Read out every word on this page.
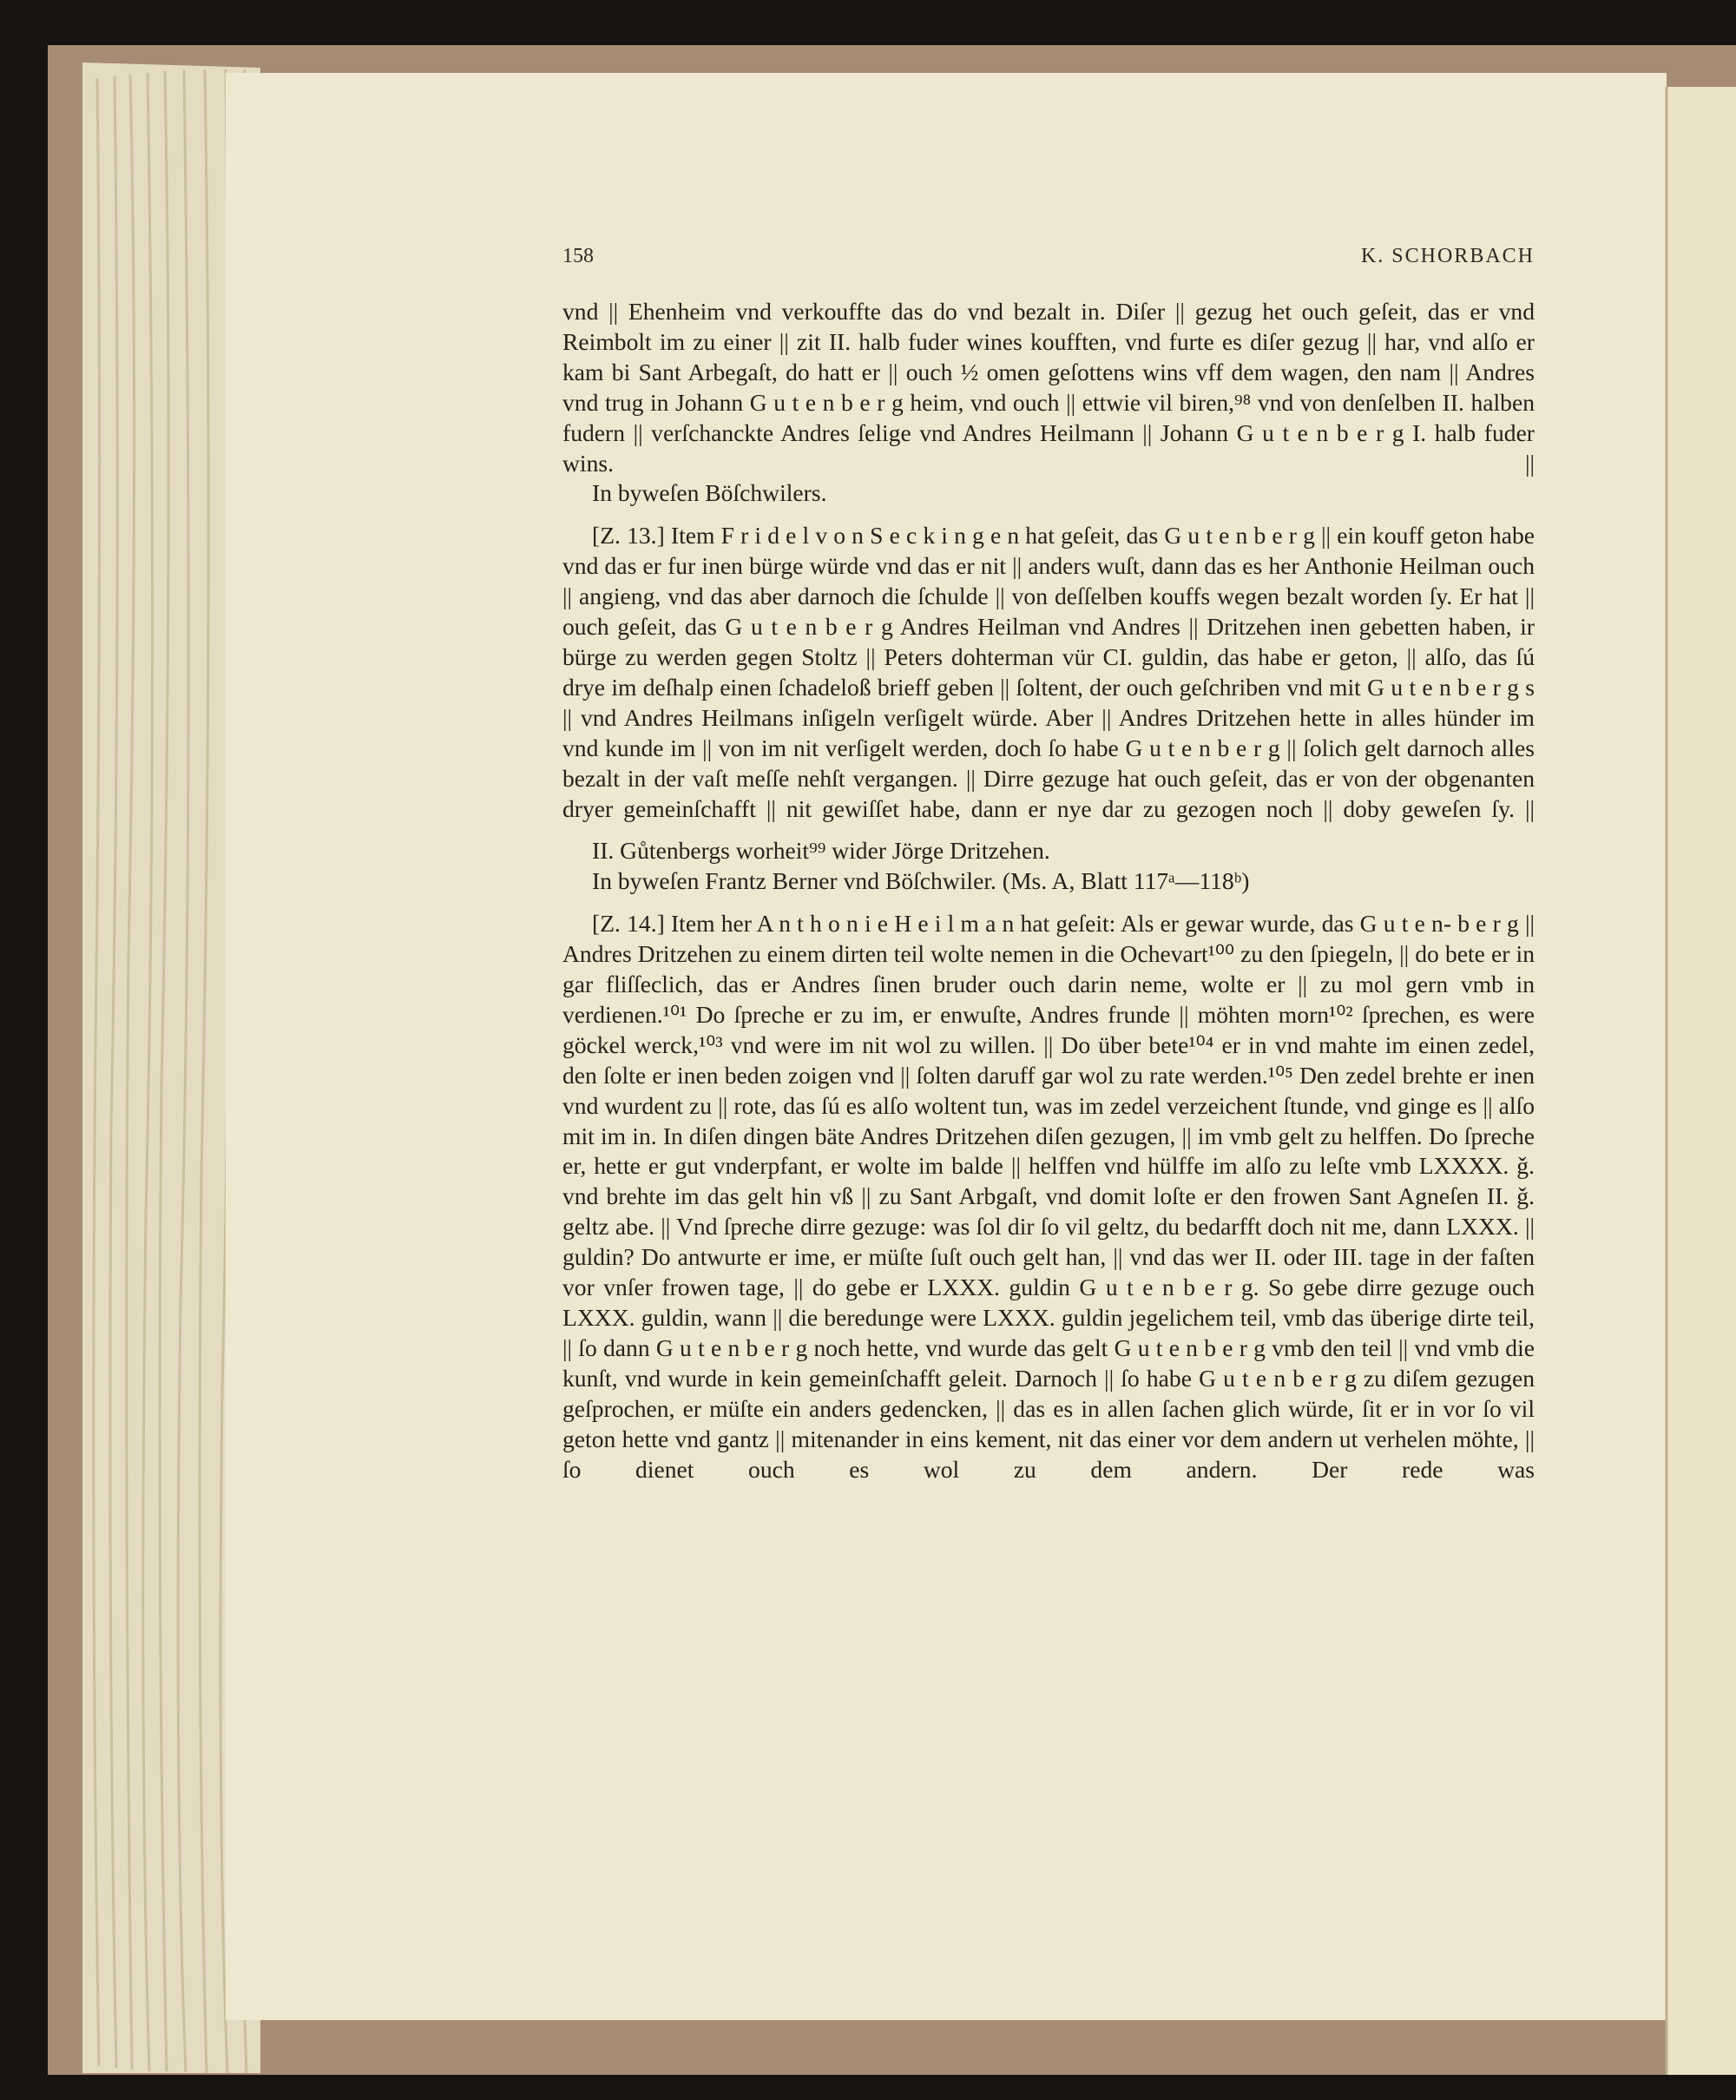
158	K. SCHORBACH

vnd || Ehenheim vnd verkouffte das do vnd bezalt in. Diſer || gezug het ouch geſeit, das er vnd Reimbolt im zu einer || zit II. halb fuder wines koufften, vnd furte es diſer gezug || har, vnd alſo er kam bi Sant Arbegaſt, do hatt er || ouch ½ omen geſottens wins vff dem wagen, den nam || Andres vnd trug in Johann G u t e n b e r g heim, vnd ouch || ettwie vil biren,⁹⁸ vnd von denſelben II. halben fudern || verſchanckte Andres ſelige vnd Andres Heilmann || Johann G u t e n b e r g I. halb fuder wins. ||

In byweſen Böſchwilers.

[Z. 13.] Item F r i d e l v o n S e c k i n g e n hat geſeit, das G u t e n b e r g || ein kouff geton habe vnd das er fur inen bürge würde vnd das er nit || anders wuſt, dann das es her Anthonie Heilman ouch || angieng, vnd das aber darnoch die ſchulde || von deſſelben kouffs wegen bezalt worden ſy. Er hat || ouch geſeit, das G u t e n b e r g Andres Heilman vnd Andres || Dritzehen inen gebetten haben, ir bürge zu werden gegen Stoltz || Peters dohterman vür CI. guldin, das habe er geton, || alſo, das ſú drye im deſhalp einen ſchadeloß brieff geben || ſoltent, der ouch geſchriben vnd mit G u t e n b e r g s || vnd Andres Heilmans inſigeln verſigelt würde. Aber || Andres Dritzehen hette in alles hünder im vnd kunde im || von im nit verſigelt werden, doch ſo habe G u t e n b e r g || ſolich gelt darnoch alles bezalt in der vaſt meſſe nehſt vergangen. || Dirre gezuge hat ouch geſeit, das er von der obgenanten dryer gemeinſchafft || nit gewiſſet habe, dann er nye dar zu gezogen noch || doby geweſen ſy. ||

II. Gůtenbergs worheit⁹⁹ wider Jörge Dritzehen.

In byweſen Frantz Berner vnd Böſchwiler. (Ms. A, Blatt 117ᵃ—118ᵇ)

[Z. 14.] Item her A n t h o n i e H e i l m a n hat geſeit: Als er gewar wurde, das G u t e n- b e r g || Andres Dritzehen zu einem dirten teil wolte nemen in die Ochevart¹⁰⁰ zu den ſpiegeln, || do bete er in gar fliſſeclich, das er Andres ſinen bruder ouch darin neme, wolte er || zu mol gern vmb in verdienen.¹⁰¹ Do ſpreche er zu im, er enwuſte, Andres frunde || möhten morn¹⁰² ſprechen, es were göckel werck,¹⁰³ vnd were im nit wol zu willen. || Do über bete¹⁰⁴ er in vnd mahte im einen zedel, den ſolte er inen beden zoigen vnd || ſolten daruff gar wol zu rate werden.¹⁰⁵ Den zedel brehte er inen vnd wurdent zu || rote, das ſú es alſo woltent tun, was im zedel verzeichent ſtunde, vnd ginge es || alſo mit im in. In diſen dingen bäte Andres Dritzehen diſen gezugen, || im vmb gelt zu helffen. Do ſpreche er, hette er gut vnderpfant, er wolte im balde || helffen vnd hülffe im alſo zu leſte vmb LXXXX. ǧ. vnd brehte im das gelt hin vß || zu Sant Arbgaſt, vnd domit loſte er den frowen Sant Agneſen II. ǧ. geltz abe. || Vnd ſpreche dirre gezuge: was ſol dir ſo vil geltz, du bedarfft doch nit me, dann LXXX. || guldin? Do antwurte er ime, er müſte ſuſt ouch gelt han, || vnd das wer II. oder III. tage in der faſten vor vnſer frowen tage, || do gebe er LXXX. guldin G u t e n b e r g. So gebe dirre gezuge ouch LXXX. guldin, wann || die beredunge were LXXX. guldin jegelichem teil, vmb das überige dirte teil, || ſo dann G u t e n b e r g noch hette, vnd wurde das gelt G u t e n b e r g vmb den teil || vnd vmb die kunſt, vnd wurde in kein gemeinſchafft geleit. Darnoch || ſo habe G u t e n b e r g zu diſem gezugen geſprochen, er müſte ein anders gedencken, || das es in allen ſachen glich würde, ſit er in vor ſo vil geton hette vnd gantz || mitenander in eins kement, nit das einer vor dem andern ut verhelen möhte, || ſo dienet ouch es wol zu dem andern. Der rede was
